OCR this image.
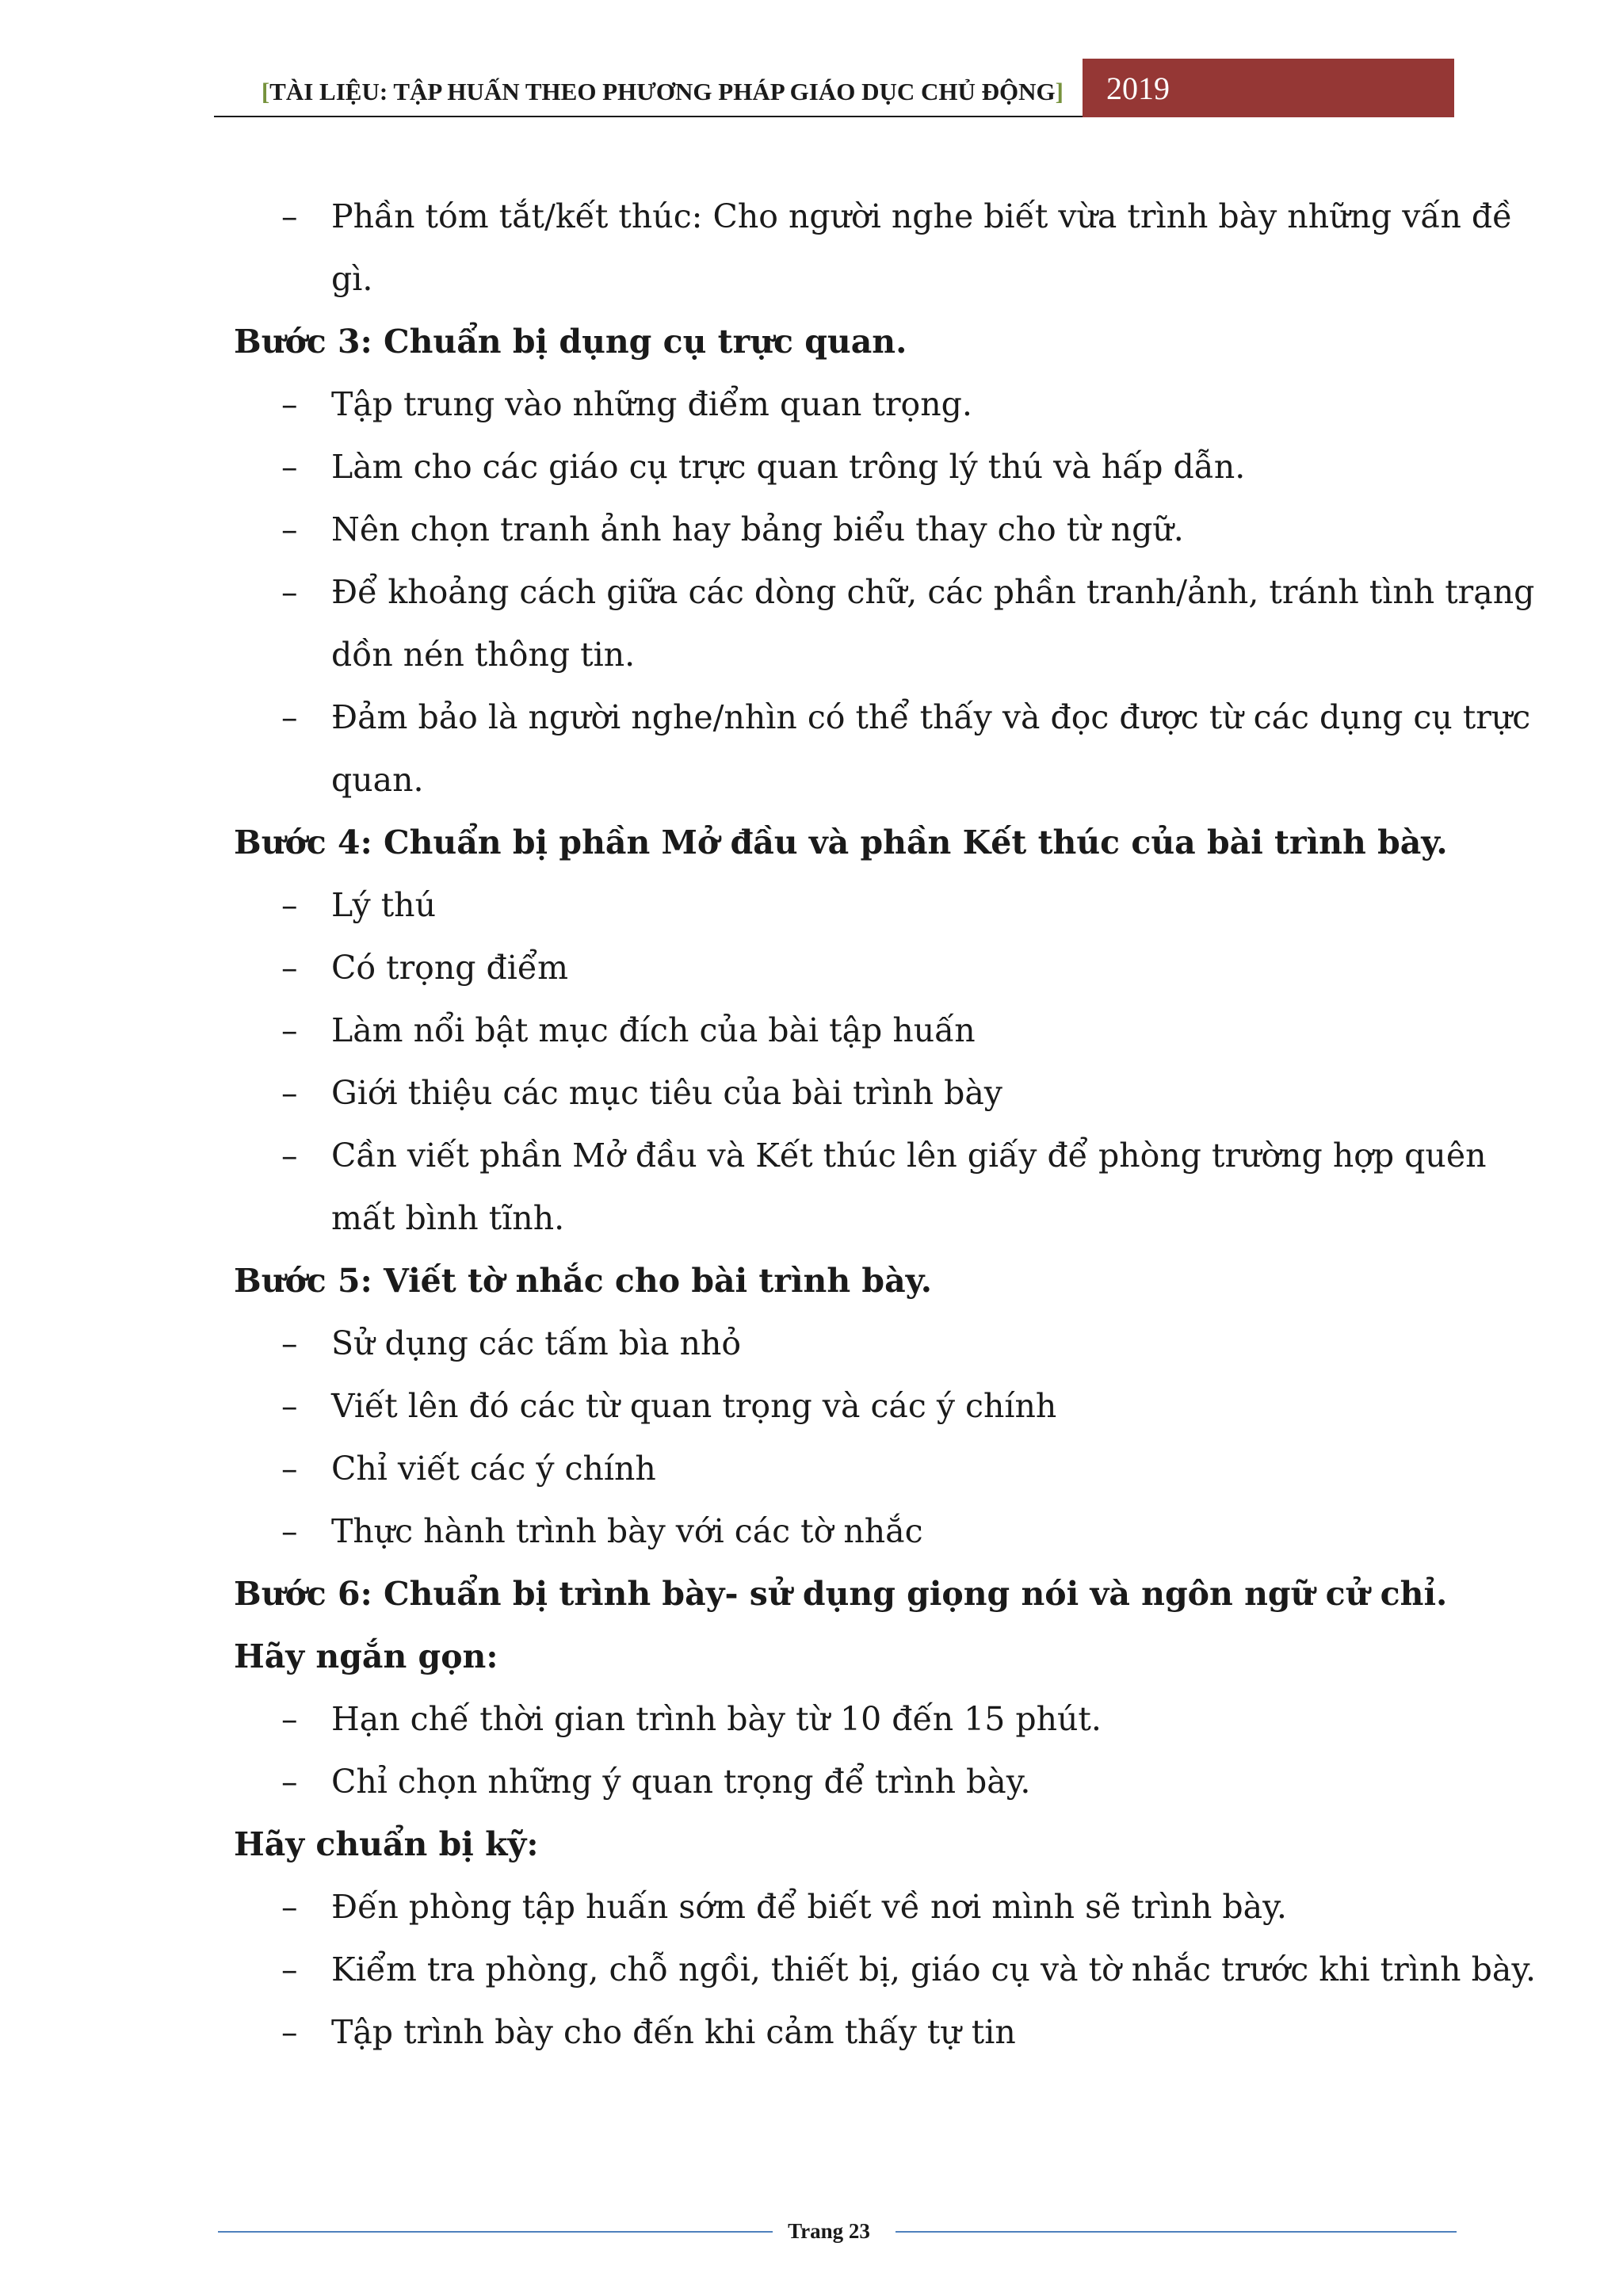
[ TÀI LIỆU: TẬP HUẤN THEO PHƯƠNG PHÁP GIÁO DỤC CHỦ ĐỘNG ] 2019
– Phần tóm tắt/kết thúc: Cho người nghe biết vừa trình bày những vấn đề
gì.
Bước 3: Chuẩn bị dụng cụ trực quan.
– Tập trung vào những điểm quan trọng.
– Làm cho các giáo cụ trực quan trông lý thú và hấp dẫn.
– Nên chọn tranh ảnh hay bảng biểu thay cho từ ngữ.
– Để khoảng cách giữa các dòng chữ, các phần tranh/ảnh, tránh tình trạng
dồn nén thông tin.
– Đảm bảo là người nghe/nhìn có thể thấy và đọc được từ các dụng cụ trực
quan.
Bước 4: Chuẩn bị phần Mở đầu và phần Kết thúc của bài trình bày.
– Lý thú
– Có trọng điểm
– Làm nổi bật mục đích của bài tập huấn
– Giới thiệu các mục tiêu của bài trình bày
– Cần viết phần Mở đầu và Kết thúc lên giấy để phòng trường hợp quên
mất bình tĩnh.
Bước 5: Viết tờ nhắc cho bài trình bày.
– Sử dụng các tấm bìa nhỏ
– Viết lên đó các từ quan trọng và các ý chính
– Chỉ viết các ý chính
– Thực hành trình bày với các tờ nhắc
Bước 6: Chuẩn bị trình bày- sử dụng giọng nói và ngôn ngữ cử chỉ.
Hãy ngắn gọn:
– Hạn chế thời gian trình bày từ 10 đến 15 phút.
– Chỉ chọn những ý quan trọng để trình bày.
Hãy chuẩn bị kỹ:
– Đến phòng tập huấn sớm để biết về nơi mình sẽ trình bày.
– Kiểm tra phòng, chỗ ngồi, thiết bị, giáo cụ và tờ nhắc trước khi trình bày.
– Tập trình bày cho đến khi cảm thấy tự tin
Trang 23
